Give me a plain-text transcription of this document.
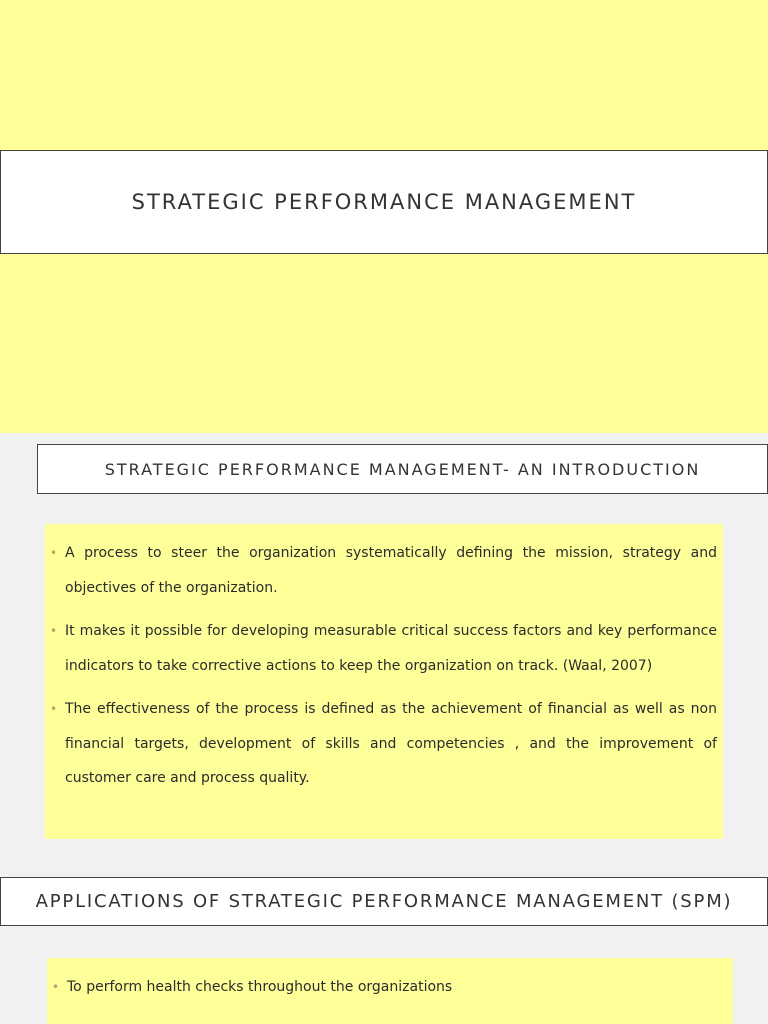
STRATEGIC PERFORMANCE MANAGEMENT
STRATEGIC PERFORMANCE MANAGEMENT- AN INTRODUCTION
• A process to steer the organization systematically defining the mission, strategy and objectives of the organization.
• It makes it possible for developing measurable critical success factors and key performance indicators to take corrective actions to keep the organization on track. (Waal, 2007)
• The effectiveness of the process is defined as the achievement of financial as well as non financial targets, development of skills and competencies , and the improvement of customer care and process quality.
APPLICATIONS OF STRATEGIC PERFORMANCE MANAGEMENT (SPM)
• To perform health checks throughout the organizations
